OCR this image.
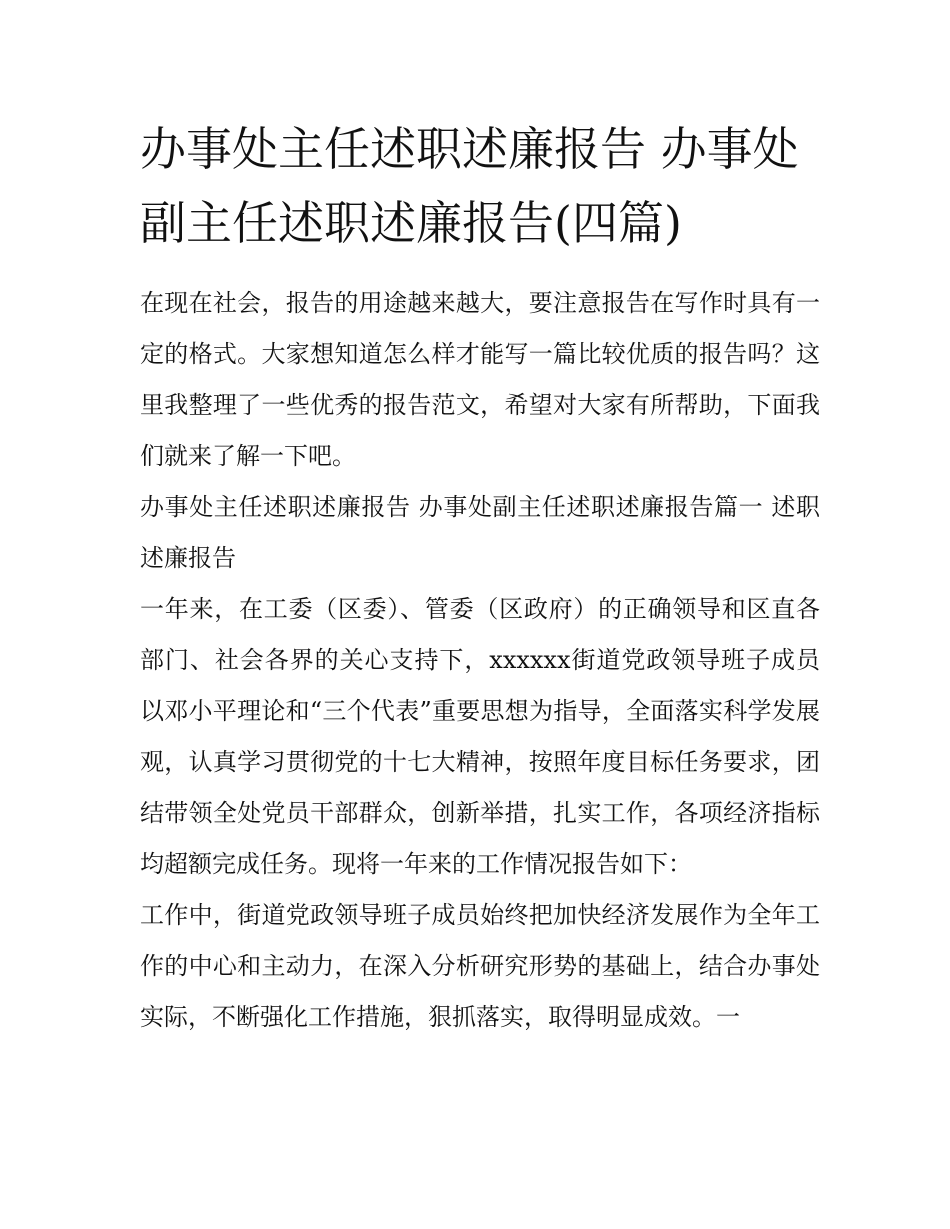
办事处主任述职述廉报告 办事处副主任述职述廉报告(四篇)

在现在社会，报告的用途越来越大，要注意报告在写作时具有一定的格式。大家想知道怎么样才能写一篇比较优质的报告吗？这里我整理了一些优秀的报告范文，希望对大家有所帮助，下面我们就来了解一下吧。

办事处主任述职述廉报告 办事处副主任述职述廉报告篇一 述职述廉报告

一年来，在工委（区委）、管委（区政府）的正确领导和区直各部门、社会各界的关心支持下，xxxxxx街道党政领导班子成员以邓小平理论和“三个代表”重要思想为指导，全面落实科学发展观，认真学习贯彻党的十七大精神，按照年度目标任务要求，团结带领全处党员干部群众，创新举措，扎实工作，各项经济指标均超额完成任务。现将一年来的工作情况报告如下：

工作中，街道党政领导班子成员始终把加快经济发展作为全年工作的中心和主动力，在深入分析研究形势的基础上，结合办事处实际，不断强化工作措施，狠抓落实，取得明显成效。一
